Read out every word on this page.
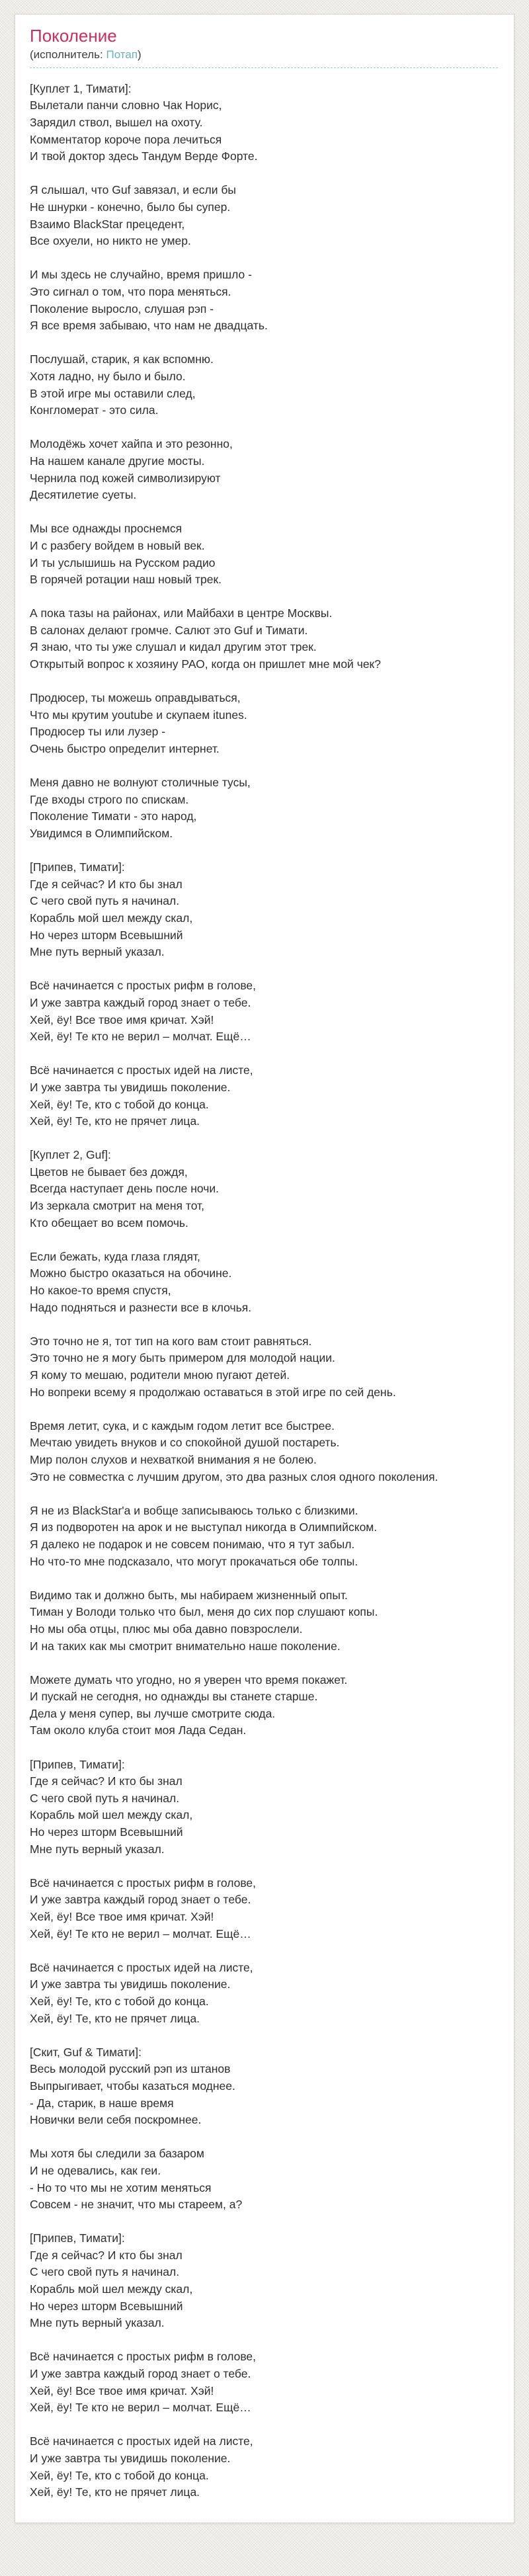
Поколение
(исполнитель: Потап)

[Куплет 1, Тимати]:
Вылетали панчи словно Чак Норис,
Зарядил ствол, вышел на охоту.
Комментатор короче пора лечиться
И твой доктор здесь Тандум Верде Форте.

Я слышал, что Guf завязал, и если бы
Не шнурки - конечно, было бы супер.
Взаимо BlackStar прецедент,
Все охуели, но никто не умер.

И мы здесь не случайно, время пришло -
Это сигнал о том, что пора меняться.
Поколение выросло, слушая рэп -
Я все время забываю, что нам не двадцать.

Послушай, старик, я как вспомню.
Хотя ладно, ну было и было.
В этой игре мы оставили след,
Конгломерат - это сила.

Молодёжь хочет хайпа и это резонно,
На нашем канале другие мосты.
Чернила под кожей символизируют
Десятилетие суеты.

Мы все однажды проснемся
И с разбегу войдем в новый век.
И ты услышишь на Русском радио
В горячей ротации наш новый трек.

А пока тазы на районах, или Майбахи в центре Москвы.
В салонах делают громче. Салют это Guf и Тимати.
Я знаю, что ты уже слушал и кидал другим этот трек.
Открытый вопрос к хозяину РАО, когда он пришлет мне мой чек?

Продюсер, ты можешь оправдываться,
Что мы крутим youtube и скупаем itunes.
Продюсер ты или лузер -
Очень быстро определит интернет.

Меня давно не волнуют столичные тусы,
Где входы строго по спискам.
Поколение Тимати - это народ,
Увидимся в Олимпийском.

[Припев, Тимати]:
Где я сейчас? И кто бы знал
С чего свой путь я начинал.
Корабль мой шел между скал,
Но через шторм Всевышний
Мне путь верный указал.

Всё начинается с простых рифм в голове,
И уже завтра каждый город знает о тебе.
Хей, ёу! Все твое имя кричат. Хэй!
Хей, ёу! Те кто не верил – молчат. Ещё…

Всё начинается с простых идей на листе,
И уже завтра ты увидишь поколение.
Хей, ёу! Те, кто с тобой до конца.
Хей, ёу! Те, кто не прячет лица.

[Куплет 2, Guf]:
Цветов не бывает без дождя,
Всегда наступает день после ночи.
Из зеркала смотрит на меня тот,
Кто обещает во всем помочь.

Если бежать, куда глаза глядят,
Можно быстро оказаться на обочине.
Но какое-то время спустя,
Надо подняться и разнести все в клочья.

Это точно не я, тот тип на кого вам стоит равняться.
Это точно не я могу быть примером для молодой нации.
Я кому то мешаю, родители мною пугают детей.
Но вопреки всему я продолжаю оставаться в этой игре по сей день.

Время летит, сука, и с каждым годом летит все быстрее.
Мечтаю увидеть внуков и со спокойной душой постареть.
Мир полон слухов и нехваткой внимания я не болею.
Это не совместка с лучшим другом, это два разных слоя одного поколения.

Я не из BlackStar'а и вобще записываюсь только с близкими.
Я из подворотен на арок и не выступал никогда в Олимпийском.
Я далеко не подарок и не совсем понимаю, что я тут забыл.
Но что-то мне подсказало, что могут прокачаться обе толпы.

Видимо так и должно быть, мы набираем жизненный опыт.
Тиман у Володи только что был, меня до сих пор слушают копы.
Но мы оба отцы, плюс мы оба давно повзрослели.
И на таких как мы смотрит внимательно наше поколение.

Можете думать что угодно, но я уверен что время покажет.
И пускай не сегодня, но однажды вы станете старше.
Дела у меня супер, вы лучше смотрите сюда.
Там около клуба стоит моя Лада Седан.

[Припев, Тимати]:
Где я сейчас? И кто бы знал
С чего свой путь я начинал.
Корабль мой шел между скал,
Но через шторм Всевышний
Мне путь верный указал.

Всё начинается с простых рифм в голове,
И уже завтра каждый город знает о тебе.
Хей, ёу! Все твое имя кричат. Хэй!
Хей, ёу! Те кто не верил – молчат. Ещё…

Всё начинается с простых идей на листе,
И уже завтра ты увидишь поколение.
Хей, ёу! Те, кто с тобой до конца.
Хей, ёу! Те, кто не прячет лица.

[Скит, Guf & Тимати]:
Весь молодой русский рэп из штанов
Выпрыгивает, чтобы казаться моднее.
- Да, старик, в наше время
Новички вели себя поскромнее.

Мы хотя бы следили за базаром
И не одевались, как геи.
- Но то что мы не хотим меняться
Совсем - не значит, что мы стареем, а?

[Припев, Тимати]:
Где я сейчас? И кто бы знал
С чего свой путь я начинал.
Корабль мой шел между скал,
Но через шторм Всевышний
Мне путь верный указал.

Всё начинается с простых рифм в голове,
И уже завтра каждый город знает о тебе.
Хей, ёу! Все твое имя кричат. Хэй!
Хей, ёу! Те кто не верил – молчат. Ещё…

Всё начинается с простых идей на листе,
И уже завтра ты увидишь поколение.
Хей, ёу! Те, кто с тобой до конца.
Хей, ёу! Те, кто не прячет лица.
